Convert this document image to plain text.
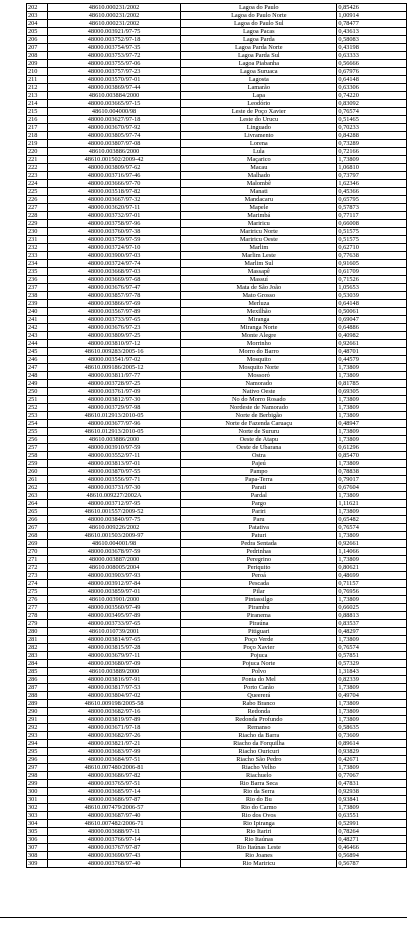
202	48610.000231/2002	Lagoa do Paulo	0,85426
203	48610.000231/2002	Lagoa do Paulo Norte	1,00914
204	48610.000231/2002	Lagoa do Paulo Sul	0,78477
205	48000.003921/97-75	Lagoa Pacas	0,43613
206	48000.003752/97-18	Lagoa Parda	0,58083
207	48000.003754/97-35	Lagoa Parda Norte	0,43198
208	48000.003753/97-72	Lagoa Parda Sul	0,63333
209	48000.003755/97-06	Lagoa Piabanha	0,56666
210	48000.003757/97-23	Lagoa Suruaca	0,67976
211	48000.003570/97-01	Lagosta	0,64148
212	48000.003869/97-44	Lamarão	0,63306
213	48610.003884/2000	Lapa	0,74220
214	48000.003665/97-15	Leodório	0,83092
215	48610.004000/98	Leste de Poço Xavier	0,76574
216	48000.003627/97-18	Leste do Urucu	0,51465
217	48000.003670/97-92	Linguado	0,70233
218	48000.003805/97-74	Livramento	0,84288
219	48000.003807/97-08	Lorena	0,73289
220	48610.003886/2000	Lula	0,72166
221	48610.001502/2009-42	Maçarico	1,73809
222	48000.003809/97-62	Macau	1,06810
223	48000.003716/97-46	Malhado	0,73797
224	48000.003666/97-70	Malombê	1,62346
225	48000.003518/97-82	Manati	0,45366
226	48000.003667/97-32	Mandacaru	0,65795
227	48000.003620/97-11	Mapele	0,57873
228	48000.003732/97-01	Marimbá	0,77117
229	48000.003758/97-96	Mariricu	0,66008
230	48000.003760/97-38	Mariricu Norte	0,51575
231	48000.003759/97-59	Mariricu Oeste	0,51575
232	48000.003724/97-10	Marlim	0,62710
233	48000.003900/97-03	Marlim Leste	0,77638
234	48000.003724/97-74	Marlim Sul	0,91605
235	48000.003668/97-03	Massapê	0,61709
236	48000.003669/97-68	Massuí	0,71526
237	48000.003676/97-47	Mata de São João	1,05653
238	48000.003857/97-78	Mato Grosso	0,53039
239	48000.003866/97-69	Merluza	0,64148
240	48000.003567/97-89	Mexilhão	0,50061
241	48000.003733/97-65	Miranga	0,69047
242	48000.003676/97-23	Miranga Norte	0,64886
243	48000.003809/97-25	Monte Alegre	0,40982
244	48000.003810/97-12	Morrinho	0,92661
245	48610.009283/2005-16	Morro do Barro	0,48701
246	48000.003541/97-02	Mosquito	0,44579
247	48610.009186/2005-12	Mosquito Norte	1,73809
248	48000.003811/97-77	Mossoró	1,73809
249	48000.003728/97-25	Namorado	0,81785
250	48000.003761/97-09	Nativo Oeste	0,69305
251	48000.003812/97-30	No do Morro Rosado	1,73809
252	48000.003729/97-98	Nordeste de Namorado	1,73809
253	48610.012913/2010-05	Norte de Berbigão	1,73809
254	48000.003677/97-96	Norte de Fazenda Caruaçu	0,48947
255	48610.012913/2010-05	Norte de Sururu	1,73809
256	48610.003886/2000	Oeste de Atapu	1,73809
257	48000.003910/97-59	Oeste de Ubarana	0,61296
258	48000.003552/97-11	Ostra	0,85470
259	48000.003813/97-01	Pajeú	1,73809
260	48000.003870/97-55	Pampo	0,78838
261	48000.003556/97-71	Papa-Terra	0,79017
262	48000.003731/97-30	Parati	0,67604
263	48610.009227/2002A	Pardal	1,73809
264	48000.003712/97-95	Pargo	1,11621
265	48610.001557/2009-52	Pariri	1,73809
266	48000.003840/97-75	Paru	0,65482
267	48610.009226/2002	Patativa	0,76574
268	48610.001503/2009-97	Paturi	1,73809
269	48610.004001/98	Pedra Sentada	0,92661
270	48000.003678/97-59	Pedrinhas	1,14066
271	48000.003887/2000	Peregrino	1,73809
272	48610.008005/2004	Periquito	0,80621
273	48000.003903/97-93	Peroá	0,48699
274	48000.003912/97-84	Pescada	0,71157
275	48000.003859/97-01	Pilar	0,76956
276	48610.003901/2000	Pintassilgo	1,73809
277	48000.003560/97-49	Pirambu	0,66025
278	48000.003495/97-89	Piranema	0,88813
279	48000.003733/97-65	Piraúna	0,83537
280	48610.010739/2001	Pitiguari	0,48297
281	48000.003814/97-65	Poço Verde	1,73809
282	48000.003815/97-28	Poço Xavier	0,76574
283	48000.003679/97-11	Pojuca	0,57851
284	48000.003680/97-09	Pojuca Norte	0,57329
285	48610.003889/2000	Polvo	1,31843
286	48000.003816/97-91	Ponta do Mel	0,82339
287	48000.003817/97-53	Porto Carão	1,73809
288	48000.003804/97-02	Queererá	0,49704
289	48610.009198/2005-58	Rabo Branco	1,73809
290	48000.003682/97-16	Redonda	1,73809
291	48000.003819/97-89	Redonda Profundo	1,73809
292	48000.003671/97-18	Remanso	0,58635
293	48000.003682/97-26	Riacho da Barra	0,73609
294	48000.003821/97-21	Riacho da Forquilha	0,89614
295	48000.003683/97-99	Riacho Ouricuri	0,93829
296	48000.003684/97-51	Riacho São Pedro	0,42671
297	48610.007480/2006-81	Riacho Velho	1,73809
298	48000.003686/97-82	Riachuelo	0,77067
299	48000.003765/97-51	Rio Barra Seca	0,47831
300	48000.003685/97-14	Rio da Serra	0,92938
301	48000.003686/97-87	Rio do Bu	0,93841
302	48610.007479/2006-57	Rio do Carmo	1,73809
303	48000.003687/97-40	Rio dos Ovos	0,63551
304	48610.007482/2006-71	Rio Ipiranga	0,52991
305	48000.003688/97-11	Rio Itariri	0,78264
306	48000.003766/97-14	Rio Itaúnas	0,48271
307	48000.003767/97-87	Rio Itaúnas Leste	0,46466
308	48000.003690/97-43	Rio Joanes	0,56894
309	48000.003768/97-40	Rio Mariricu	0,56787
